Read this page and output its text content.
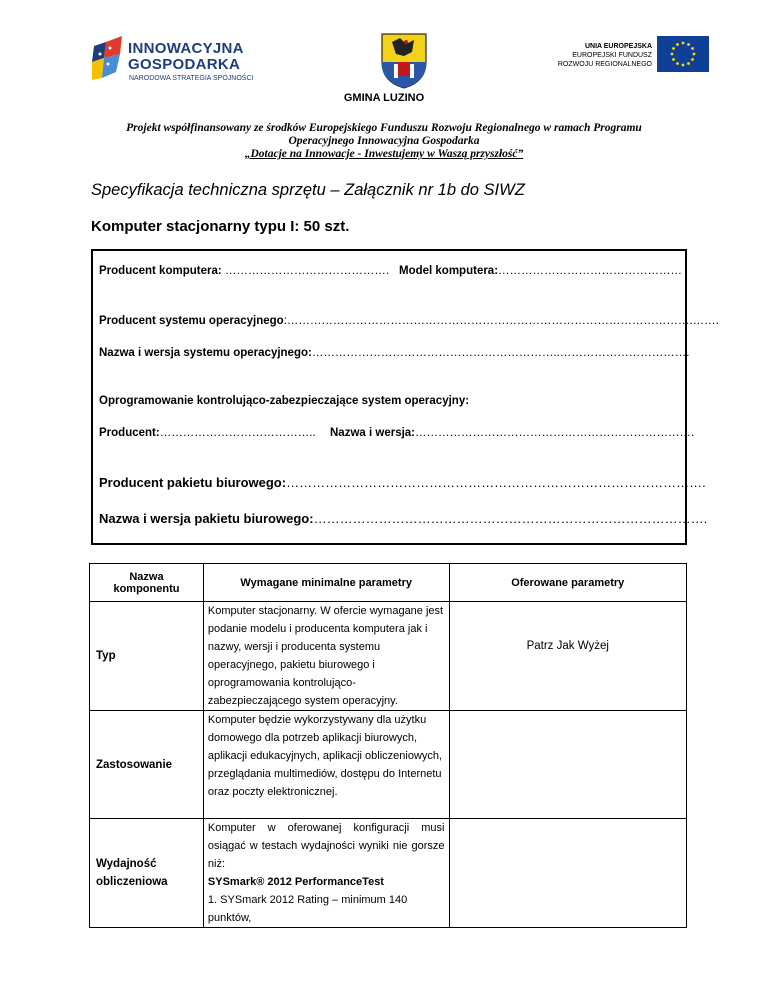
INNOWACYJNA
GOSPODARKA
NARODOWA STRATEGIA SPÓJNOŚCI
GMINA LUZINO
UNIA EUROPEJSKA
EUROPEJSKI FUNDUSZ
ROZWOJU REGIONALNEGO
Projekt współfinansowany ze środków Europejskiego Funduszu Rozwoju Regionalnego w ramach Programu
Operacyjnego Innowacyjna Gospodarka
„Dotacje na Innowacje - Inwestujemy w Waszą przyszłość”
Specyfikacja techniczna sprzętu – Załącznik nr 1b do SIWZ
Komputer stacjonarny typu I: 50 szt.
Producent komputera: ……………………………………. Model komputera:…………………………………………
Producent systemu operacyjnego:…………………………………………………………………………………………….…….
Nazwa i wersja systemu operacyjnego:………………………………………………………..…………………………….
Oprogramowanie kontrolująco-zabezpieczające system operacyjny:
Producent:………………………………….. Nazwa i wersja:……………………………………………………………….
Producent pakietu biurowego:…………………………………………………………………………………….
Nazwa i wersja pakietu biurowego:……………………………………………………………………………….
Nazwa komponentu	Wymagane minimalne parametry	Oferowane parametry
Typ	Komputer stacjonarny. W ofercie wymagane jest podanie modelu i producenta komputera jak i nazwy, wersji i producenta systemu operacyjnego, pakietu biurowego i oprogramowania kontrolująco-zabezpieczającego system operacyjny.	Patrz Jak Wyżej
Zastosowanie	Komputer będzie wykorzystywany dla użytku domowego dla potrzeb aplikacji biurowych, aplikacji edukacyjnych, aplikacji obliczeniowych, przeglądania multimediów, dostępu do Internetu oraz poczty elektronicznej.	
Wydajność obliczeniowa	Komputer w oferowanej konfiguracji musi osiągać w testach wydajności wyniki nie gorsze niż:
SYSmark® 2012 PerformanceTest
1. SYSmark 2012 Rating – minimum 140 punktów,	
